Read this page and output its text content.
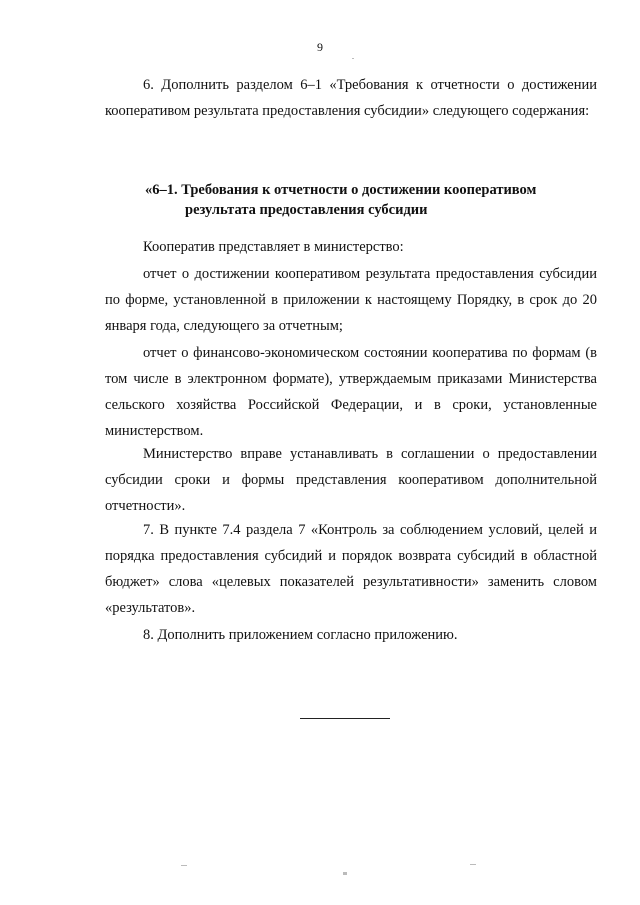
9
6. Дополнить разделом 6–1 «Требования к отчетности о достижении кооперативом результата предоставления субсидии» следующего содержания:
«6–1. Требования к отчетности о достижении кооперативом
результата предоставления субсидии
Кооператив представляет в министерство:
отчет о достижении кооперативом результата предоставления субсидии по форме, установленной в приложении к настоящему Порядку, в срок до 20 января года, следующего за отчетным;
отчет о финансово-экономическом состоянии кооператива по формам (в том числе в электронном формате), утверждаемым приказами Министерства сельского хозяйства Российской Федерации, и в сроки, установленные министерством.
Министерство вправе устанавливать в соглашении о предоставлении субсидии сроки и формы представления кооперативом дополнительной отчетности».
7. В пункте 7.4 раздела 7 «Контроль за соблюдением условий, целей и порядка предоставления субсидий и порядок возврата субсидий в областной бюджет» слова «целевых показателей результативности» заменить словом «результатов».
8. Дополнить приложением согласно приложению.
